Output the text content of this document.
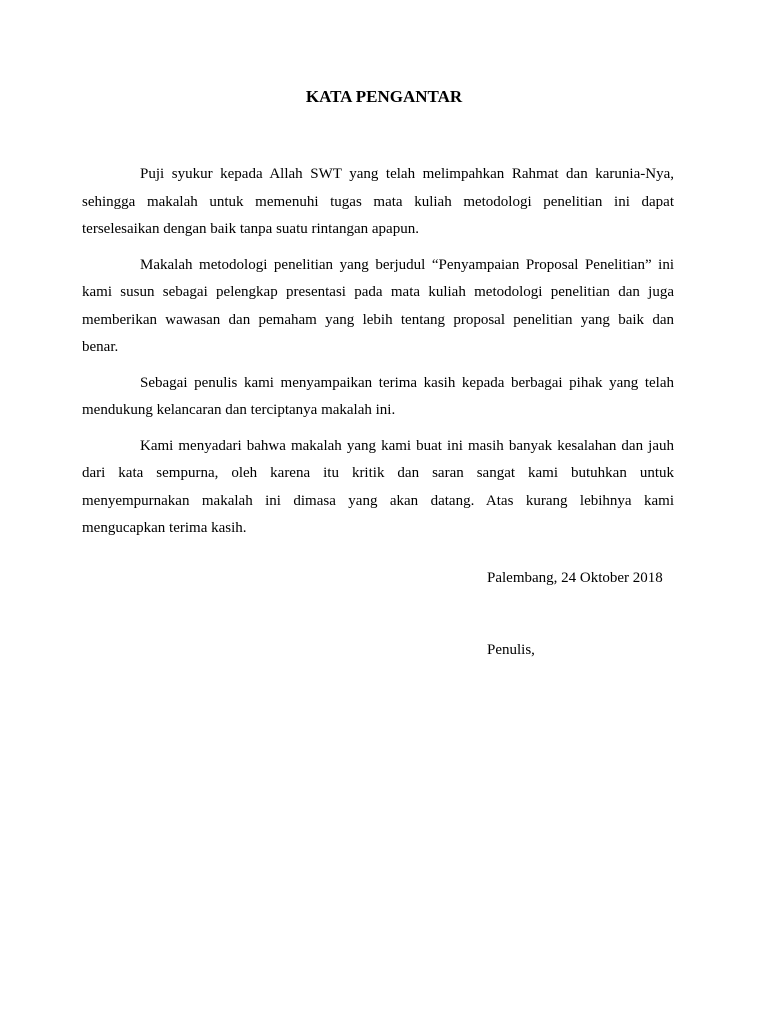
KATA PENGANTAR

Puji syukur kepada Allah SWT yang telah melimpahkan Rahmat dan karunia-Nya,
sehingga makalah untuk memenuhi tugas mata kuliah metodologi penelitian ini dapat
terselesaikan dengan baik tanpa suatu rintangan apapun.

Makalah metodologi penelitian yang berjudul “Penyampaian Proposal Penelitian” ini
kami susun sebagai pelengkap presentasi pada mata kuliah metodologi penelitian dan juga
memberikan wawasan dan pemaham yang lebih tentang proposal penelitian yang baik dan
benar.

Sebagai penulis kami menyampaikan terima kasih kepada berbagai pihak yang telah
mendukung kelancaran dan terciptanya makalah ini.

Kami menyadari bahwa makalah yang kami buat ini masih banyak kesalahan dan jauh
dari kata sempurna, oleh karena itu kritik dan saran sangat kami butuhkan untuk
menyempurnakan makalah ini dimasa yang akan datang. Atas kurang lebihnya kami
mengucapkan terima kasih.

Palembang, 24 Oktober 2018

Penulis,
